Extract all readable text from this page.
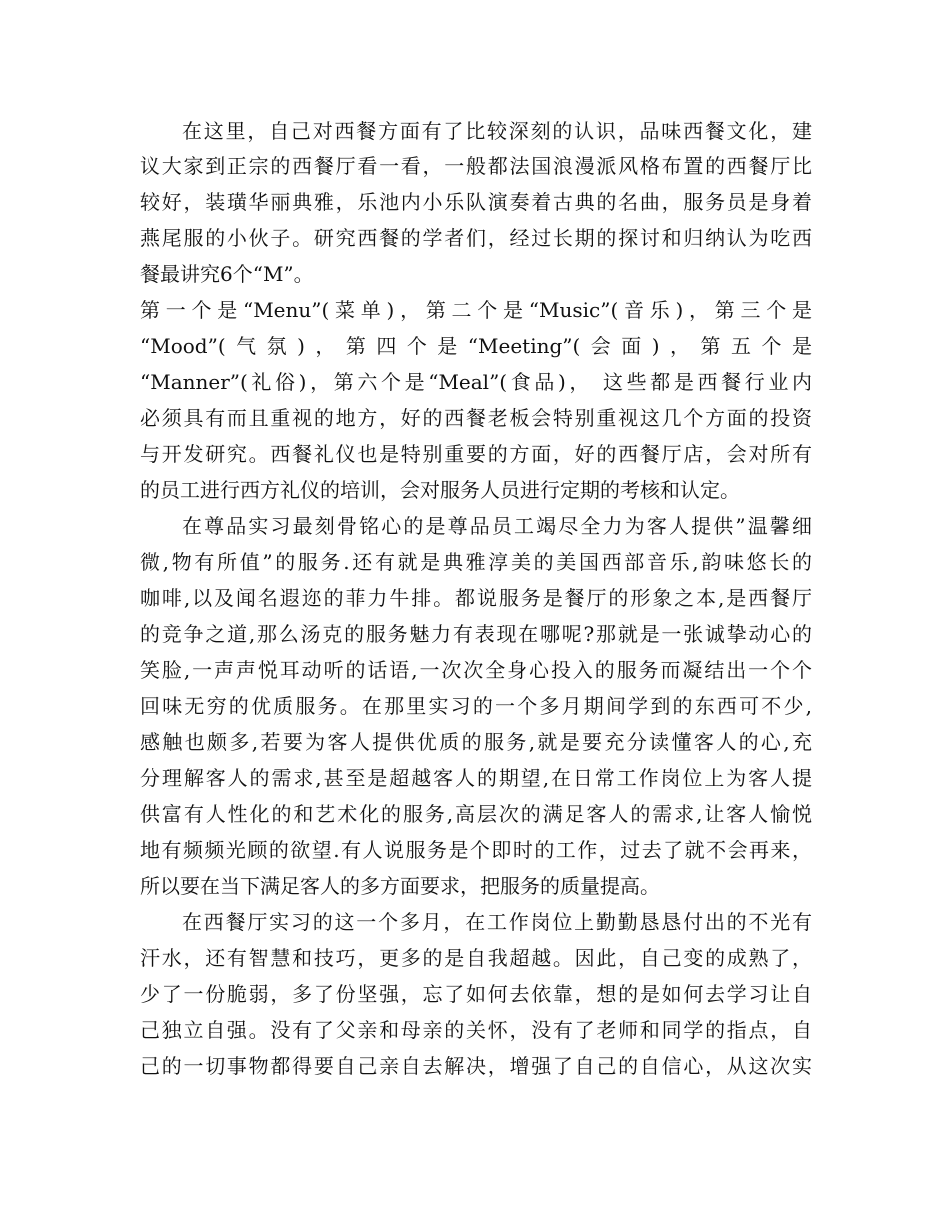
在这里，自己对西餐方面有了比较深刻的认识，品味西餐文化，建
议大家到正宗的西餐厅看一看，一般都法国浪漫派风格布置的西餐厅比
较好，装璜华丽典雅，乐池内小乐队演奏着古典的名曲，服务员是身着
燕尾服的小伙子。研究西餐的学者们，经过长期的探讨和归纳认为吃西
餐最讲究6个“M”。
第一个是“Menu”(菜单)，第二个是“Music”(音乐)，第三个是
“Mood”(气氛)，第四个是“Meeting”(会面)，第五个是
“Manner”(礼俗)，第六个是“Meal”(食品)， 这些都是西餐行业内
必须具有而且重视的地方，好的西餐老板会特别重视这几个方面的投资
与开发研究。西餐礼仪也是特别重要的方面，好的西餐厅店，会对所有
的员工进行西方礼仪的培训，会对服务人员进行定期的考核和认定。
在尊品实习最刻骨铭心的是尊品员工竭尽全力为客人提供”温馨细
微,物有所值”的服务.还有就是典雅淳美的美国西部音乐,韵味悠长的
咖啡,以及闻名遐迩的菲力牛排。都说服务是餐厅的形象之本,是西餐厅
的竞争之道,那么汤克的服务魅力有表现在哪呢?那就是一张诚挚动心的
笑脸,一声声悦耳动听的话语,一次次全身心投入的服务而凝结出一个个
回味无穷的优质服务。在那里实习的一个多月期间学到的东西可不少,
感触也颇多,若要为客人提供优质的服务,就是要充分读懂客人的心,充
分理解客人的需求,甚至是超越客人的期望,在日常工作岗位上为客人提
供富有人性化的和艺术化的服务,高层次的满足客人的需求,让客人愉悦
地有频频光顾的欲望.有人说服务是个即时的工作，过去了就不会再来，
所以要在当下满足客人的多方面要求，把服务的质量提高。
在西餐厅实习的这一个多月，在工作岗位上勤勤恳恳付出的不光有
汗水，还有智慧和技巧，更多的是自我超越。因此，自己变的成熟了，
少了一份脆弱，多了份坚强，忘了如何去依靠，想的是如何去学习让自
己独立自强。没有了父亲和母亲的关怀，没有了老师和同学的指点，自
己的一切事物都得要自己亲自去解决，增强了自己的自信心，从这次实
